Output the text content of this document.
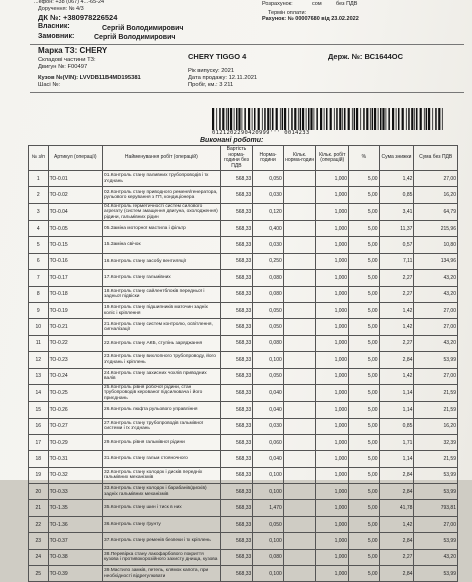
...ефон: +38 (067) 4...-65-24
Доручення: № 4/3
ДК №: +380978226524
Власник:	Сергій Володимирович
Замовник:	Сергій Володимирович
Розрахунок:	сом	без ПДВ
Термін оплати:
Рахунок: № 00007680 від 23.02.2022
Марка ТЗ: CHERY
CHERY TIGGO 4	Держ. №: ВС1644ОС
Складові частини ТЗ:
Двигун №: F00497
Кузов №(VIN): LVVDB11B4MD195381
Шасі №:
Рік випуску: 2021
Дата продажу: 12.11.2021
Пробіг, км.: 3 211
0121202290420999''' 0014233
Виконані роботи:
№ з/п	Артикул (операції)	Найменування робіт (операцій)	Вартість норма-години без ПДВ	Норма-години	Кільк. норма-годин	Кільк. робіт (операцій)	%	Сума знижки	Сума без ПДВ
1	ТО-0.01	01.Контроль стану паливних трубопроводів і їх з'єднань	568,33	0,050		1,000	5,00	1,42	27,00
2	ТО-0.02	02.Контроль стану приводного ременя/генератора, рульового керування з ГП, кондиціонера	568,33	0,030		1,000	5,00	0,85	16,20
3	ТО-0.04	04.Контроль герметичності систем силового агрегату (систем змащення двигуна, охолодження) рідини, гальмівних рідин	568,33	0,120		1,000	5,00	3,41	64,79
4	ТО-0.05	05.Заміна моторної мастила і фільтр	568,33	0,400		1,000	5,00	11,37	215,96
5	ТО-0.15	15.Заміна свічок	568,33	0,030		1,000	5,00	0,57	10,80
6	ТО-0.16	16.Контроль стану засобу вентиляції	568,33	0,250		1,000	5,00	7,11	134,96
7	ТО-0.17	17.Контроль стану гальмівних	568,33	0,080		1,000	5,00	2,27	43,20
8	ТО-0.18	18.Контроль стану сайлентблоків передньої і задньої підвіски	568,33	0,080		1,000	5,00	2,27	43,20
9	ТО-0.19	19.Контроль стану підшипників маточин задніх коліс і кріплення	568,33	0,050		1,000	5,00	1,42	27,00
10	ТО-0.21	21.Контроль стану систем контролю, освітлення, сигналізації	568,33	0,050		1,000	5,00	1,42	27,00
11	ТО-0.22	22.Контроль стану АКБ, ступінь заряджання	568,33	0,080		1,000	5,00	2,27	43,20
12	ТО-0.23	23.Контроль стану вихлопного трубопроводу, його з'єднань і кріплень	568,33	0,100		1,000	5,00	2,84	53,99
13	ТО-0.24	24.Контроль стану захисних чохлів приводних валів	568,33	0,050		1,000	5,00	1,42	27,00
14	ТО-0.25	25.Контроль рівня робочої рідини, стан трубопроводів керованої підсилювача і його приєднань	568,33	0,040		1,000	5,00	1,14	21,59
15	ТО-0.26	26.Контроль люфта рульового управління	568,33	0,040		1,000	5,00	1,14	21,59
16	ТО-0.27	27.Контроль стану трубопроводів гальмівної системи і їх з'єднань	568,33	0,030		1,000	5,00	0,85	16,20
17	ТО-0.29	29.Контроль рівня гальмівної рідини	568,33	0,060		1,000	5,00	1,71	32,39
18	ТО-0.31	31.Контроль стану гальм стояночного	568,33	0,040		1,000	5,00	1,14	21,59
19	ТО-0.32	32.Контроль стану колодок і дисків передніх гальмівних механізмів	568,33	0,100		1,000	5,00	2,84	53,99
20	ТО-0.33	33.Контроль стану колодок і барабанів/дисків) задніх гальмівних механізмів	568,33	0,100		1,000	5,00	2,84	53,99
21	ТО-1.35	35.Контроль стану шин і тиск в них	568,33	1,470		1,000	5,00	41,78	793,81
22	ТО-1.36	36.Контроль стану ґрунту	568,33	0,050		1,000	5,00	1,42	27,00
23	ТО-0.37	37.Контроль стану ременів безпеки і їх кріплень	568,33	0,100		1,000	5,00	2,84	53,99
24	ТО-0.38	38.Перевірка стану лакофарбового покриття кузова і противокорозійного захисту днища, кузова	568,33	0,080		1,000	5,00	2,27	43,20
25	ТО-0.39	39.Мастило замків, петель, клямок капота, при необхідності відрегулювати	568,33	0,100		1,000	5,00	2,84	53,99
